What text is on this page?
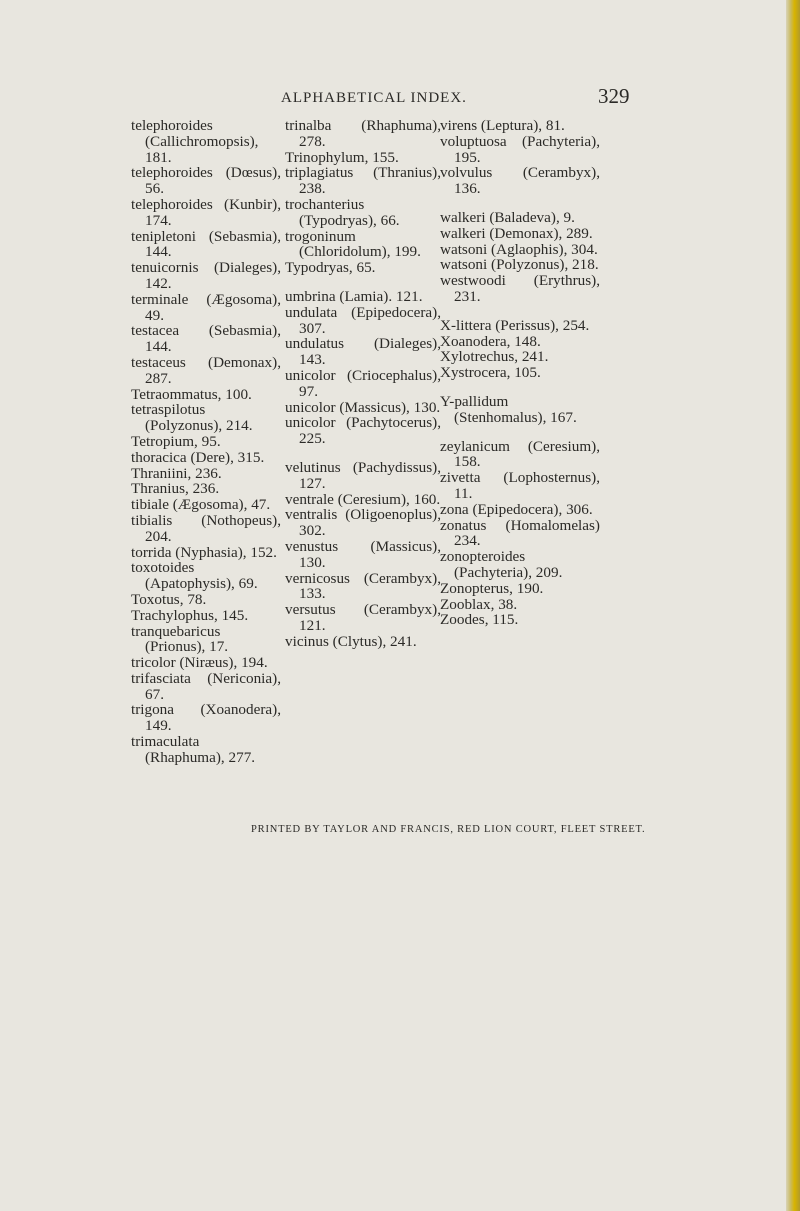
ALPHABETICAL INDEX.	329
telephoroides (Callichromopsis), 181.
telephoroides (Dœsus), 56.
telephoroides (Kunbir), 174.
tenipletoni (Sebasmia), 144.
tenuicornis (Dialeges), 142.
terminale (Ægosoma), 49.
testacea (Sebasmia), 144.
testaceus (Demonax), 287.
Tetraommatus, 100.
tetraspilotus (Polyzonus), 214.
Tetropium, 95.
thoracica (Dere), 315.
Thraniini, 236.
Thranius, 236.
tibiale (Ægosoma), 47.
tibialis (Nothopeus), 204.
torrida (Nyphasia), 152.
toxotoides (Apatophysis), 69.
Toxotus, 78.
Trachylophus, 145.
tranquebaricus (Prionus), 17.
tricolor (Niræus), 194.
trifasciata (Nericonia), 67.
trigona (Xoanodera), 149.
trimaculata (Rhaphuma), 277.
trinalba (Rhaphuma), 278.
Trinophylum, 155.
triplagiatus (Thranius), 238.
trochanterius (Typodryas), 66.
trogoninum (Chloridolum), 199.
Typodryas, 65.
umbrina (Lamia). 121.
undulata (Epipedocera), 307.
undulatus (Dialeges), 143.
unicolor (Criocephalus), 97.
unicolor (Massicus), 130.
unicolor (Pachytocerus), 225.
velutinus (Pachydissus), 127.
ventrale (Ceresium), 160.
ventralis (Oligoenoplus), 302.
venustus (Massicus), 130.
vernicosus (Cerambyx), 133.
versutus (Cerambyx), 121.
vicinus (Clytus), 241.
virens (Leptura), 81.
voluptuosa (Pachyteria), 195.
volvulus (Cerambyx), 136.
walkeri (Baladeva), 9.
walkeri (Demonax), 289.
watsoni (Aglaophis), 304.
watsoni (Polyzonus), 218.
westwoodi (Erythrus), 231.
X-littera (Perissus), 254.
Xoanodera, 148.
Xylotrechus, 241.
Xystrocera, 105.
Y-pallidum (Stenhomalus), 167.
zeylanicum (Ceresium), 158.
zivetta (Lophosternus), 11.
zona (Epipedocera), 306.
zonatus (Homalomelas) 234.
zonopteroides (Pachyteria), 209.
Zonopterus, 190.
Zooblax, 38.
Zoodes, 115.
PRINTED BY TAYLOR AND FRANCIS, RED LION COURT, FLEET STREET.
